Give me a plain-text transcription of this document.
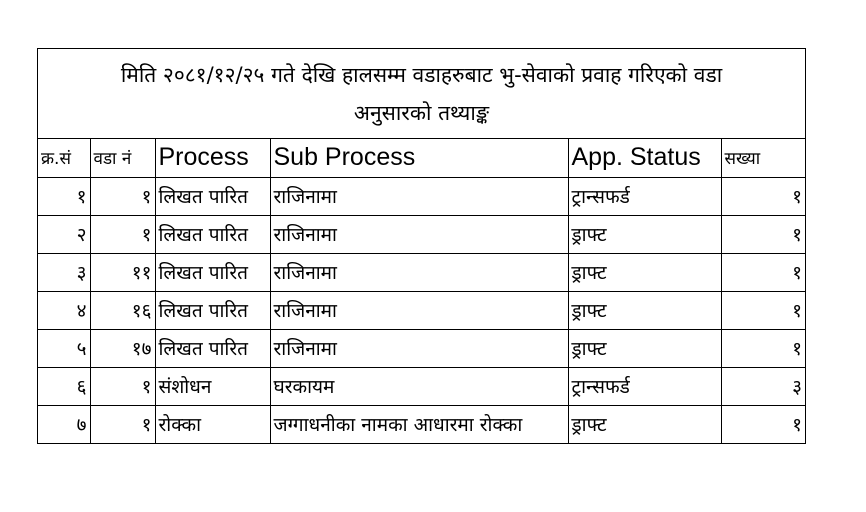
मिति २०८१/१२/२५ गते देखि हालसम्म वडाहरुबाट भु-सेवाको प्रवाह गरिएको वडा
अनुसारको तथ्याङ्क
क्र.सं	वडा नं	Process	Sub Process	App. Status	सख्या
१	१	लिखत पारित	राजिनामा	ट्रान्सफर्ड	१
२	१	लिखत पारित	राजिनामा	ड्राफ्ट	१
३	११	लिखत पारित	राजिनामा	ड्राफ्ट	१
४	१६	लिखत पारित	राजिनामा	ड्राफ्ट	१
५	१७	लिखत पारित	राजिनामा	ड्राफ्ट	१
६	१	संशोधन	घरकायम	ट्रान्सफर्ड	३
७	१	रोक्का	जग्गाधनीका नामका आधारमा रोक्का	ड्राफ्ट	१
